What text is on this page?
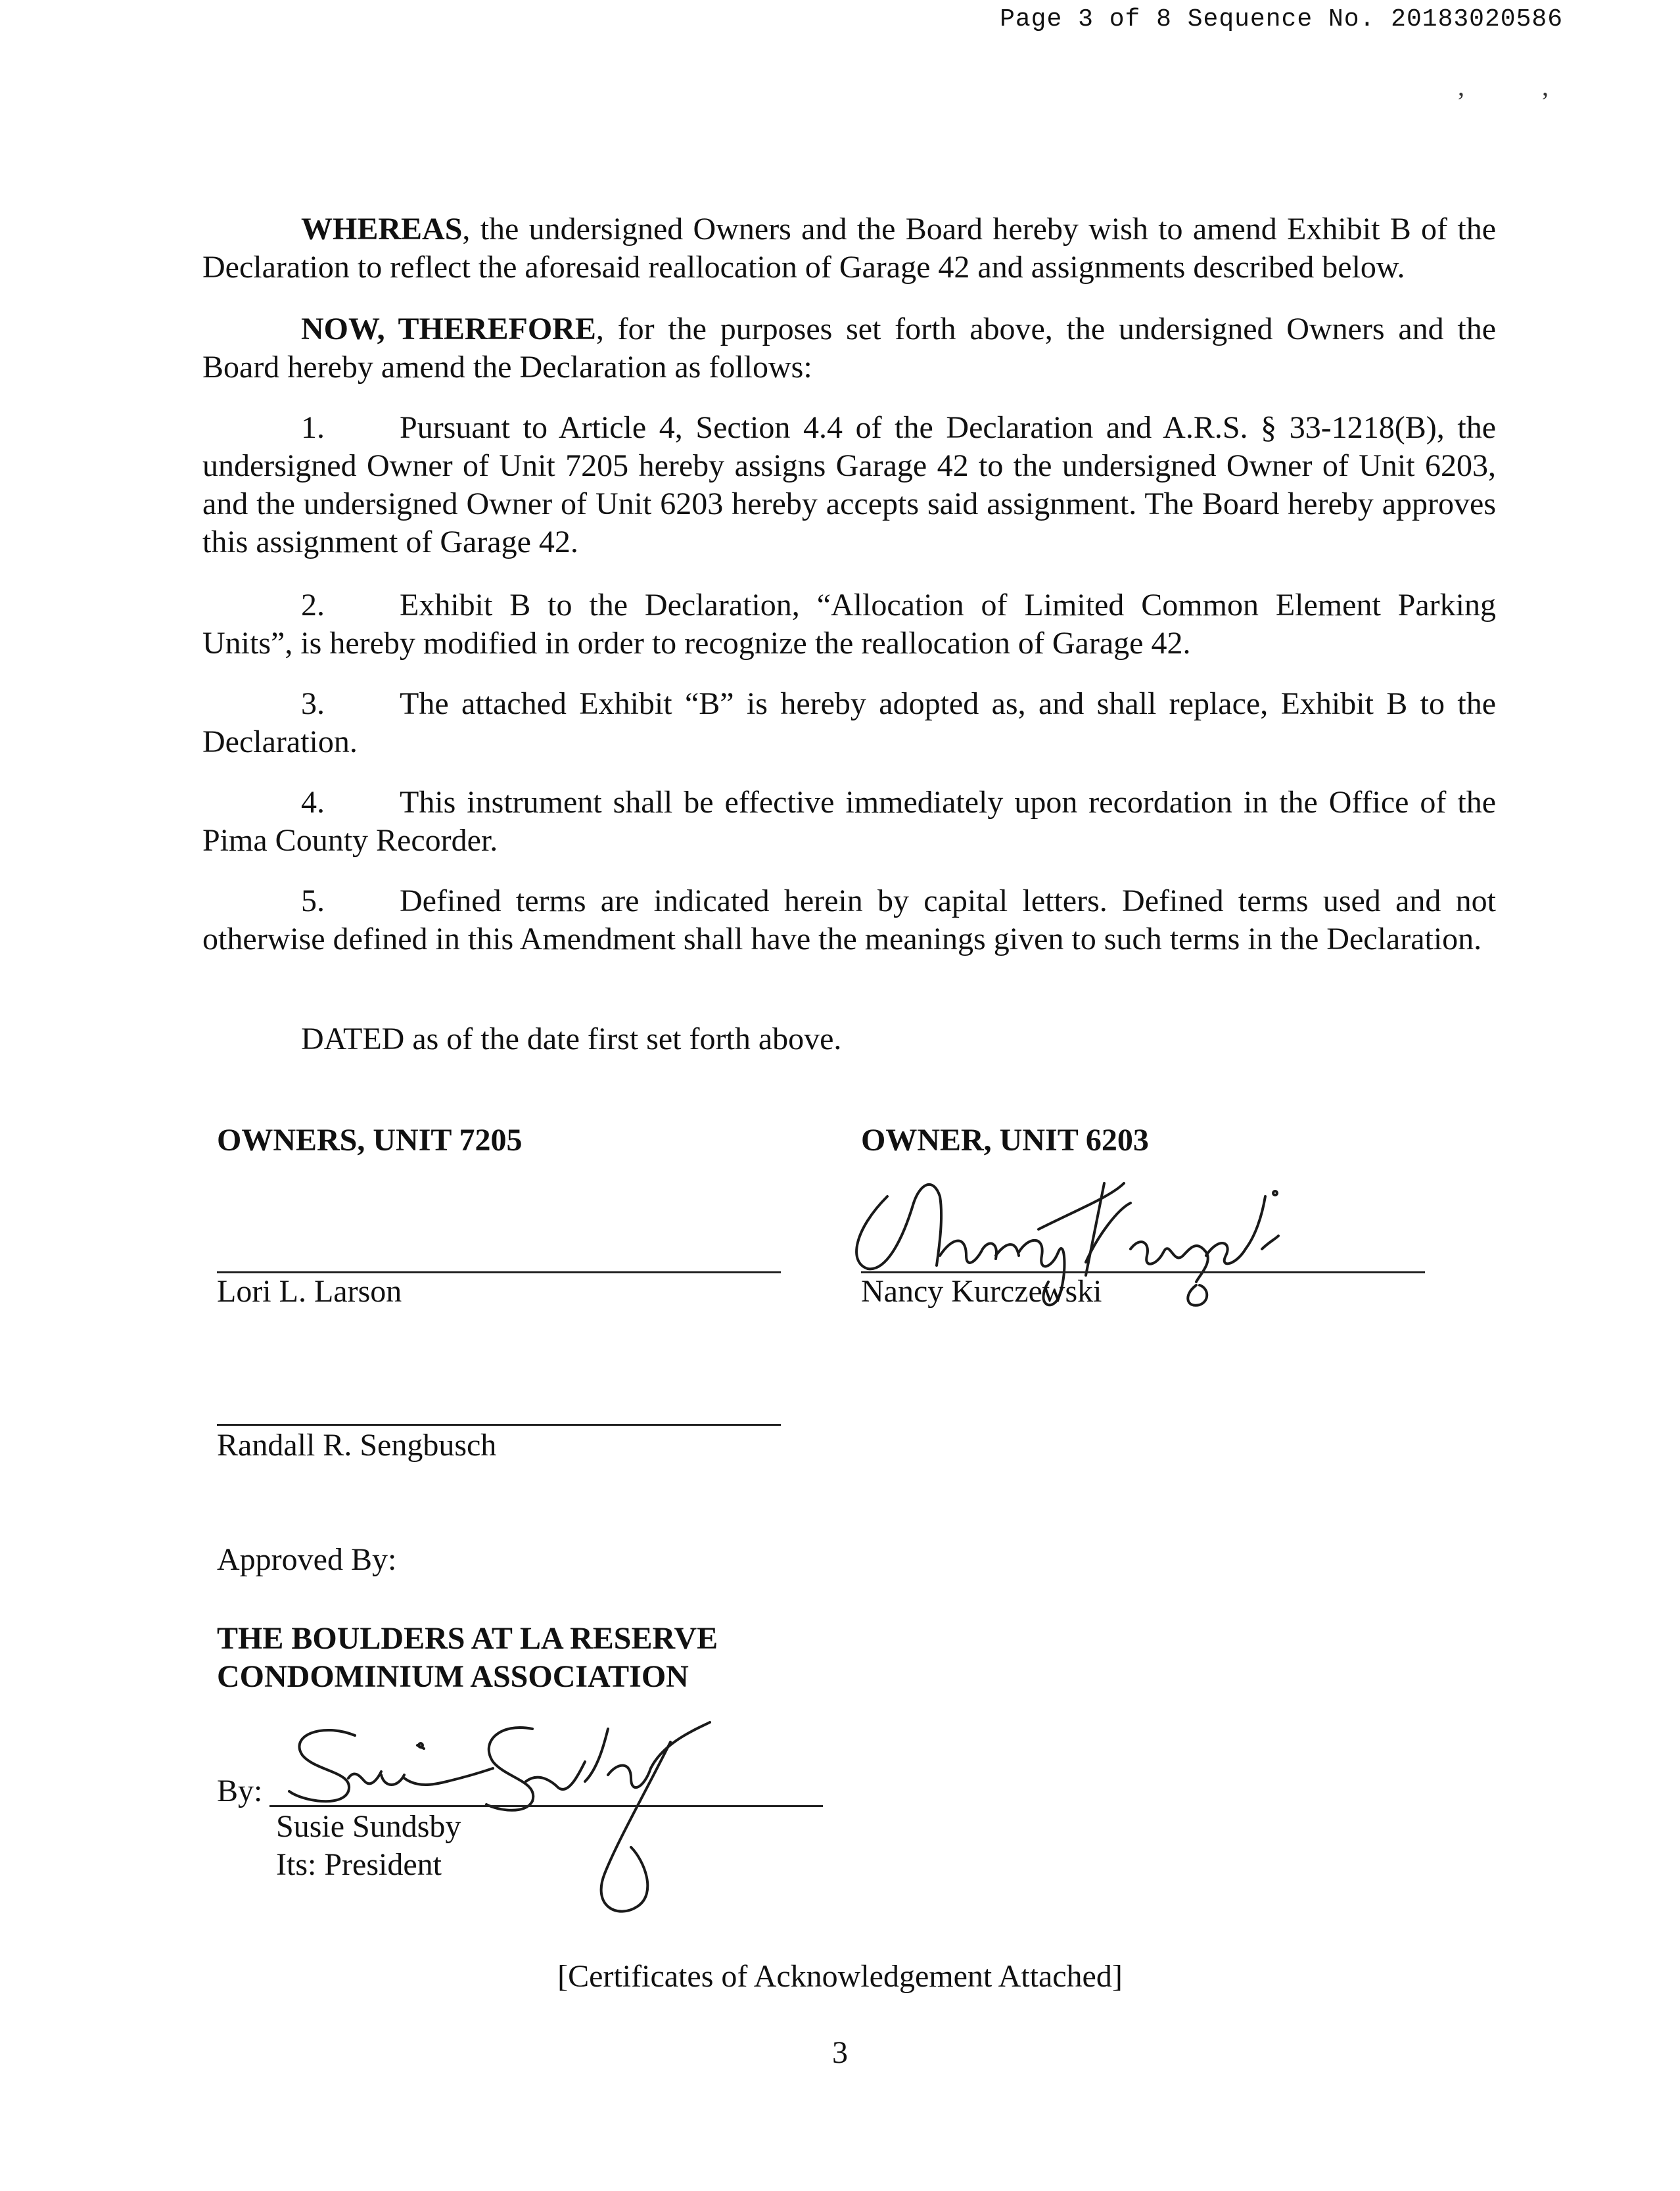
Page 3 of 8 Sequence No. 20183020586
,	,

WHEREAS, the undersigned Owners and the Board hereby wish to amend Exhibit B of the Declaration to reflect the aforesaid reallocation of Garage 42 and assignments described below.

NOW, THEREFORE, for the purposes set forth above, the undersigned Owners and the Board hereby amend the Declaration as follows:

1. Pursuant to Article 4, Section 4.4 of the Declaration and A.R.S. § 33-1218(B), the undersigned Owner of Unit 7205 hereby assigns Garage 42 to the undersigned Owner of Unit 6203, and the undersigned Owner of Unit 6203 hereby accepts said assignment. The Board hereby approves this assignment of Garage 42.

2. Exhibit B to the Declaration, “Allocation of Limited Common Element Parking Units”, is hereby modified in order to recognize the reallocation of Garage 42.

3. The attached Exhibit “B” is hereby adopted as, and shall replace, Exhibit B to the Declaration.

4. This instrument shall be effective immediately upon recordation in the Office of the Pima County Recorder.

5. Defined terms are indicated herein by capital letters. Defined terms used and not otherwise defined in this Amendment shall have the meanings given to such terms in the Declaration.

DATED as of the date first set forth above.

OWNERS, UNIT 7205
Lori L. Larson
Randall R. Sengbusch
OWNER, UNIT 6203
Nancy Kurczewski
Approved By:
THE BOULDERS AT LA RESERVE
CONDOMINIUM ASSOCIATION
By:
Susie Sundsby
Its: President
[Certificates of Acknowledgement Attached]
3
